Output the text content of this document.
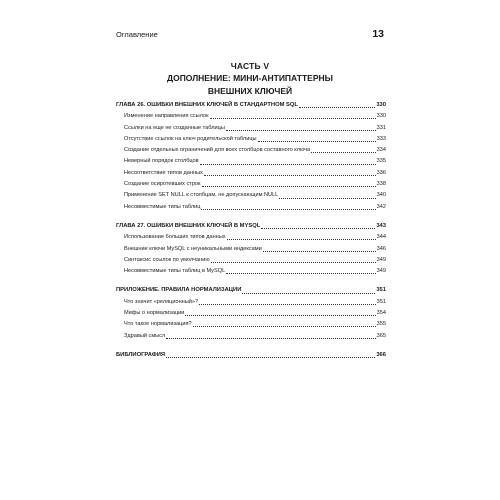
Оглавление	13
ЧАСТЬ V
ДОПОЛНЕНИЕ: МИНИ-АНТИПАТТЕРНЫ
ВНЕШНИХ КЛЮЧЕЙ
ГЛАВА 26. ОШИБКИ ВНЕШНИХ КЛЮЧЕЙ В СТАНДАРТНОМ SQL	330
Изменение направления ссылок	330
Ссылки на еще не созданные таблицы	331
Отсутствие ссылок на ключ родительской таблицы	333
Создание отдельных ограничений для всех столбцов составного ключа	334
Неверный порядок столбцов	335
Несоответствие типов данных	336
Создание осиротевших строк	338
Применение SET NULL к столбцам, не допускающим NULL	340
Несовместимые типы таблиц	342
ГЛАВА 27. ОШИБКИ ВНЕШНИХ КЛЮЧЕЙ В MYSQL	343
Использование больших типов данных	344
Внешние ключи MySQL с неуникальными индексами	346
Синтаксис ссылок по умолчанию	349
Несовместимые типы таблиц в MySQL	349
ПРИЛОЖЕНИЕ. ПРАВИЛА НОРМАЛИЗАЦИИ	351
Что значит «реляционный»?	351
Мифы о нормализации	354
Что такое нормализация?	355
Здравый смысл	365
БИБЛИОГРАФИЯ	366
